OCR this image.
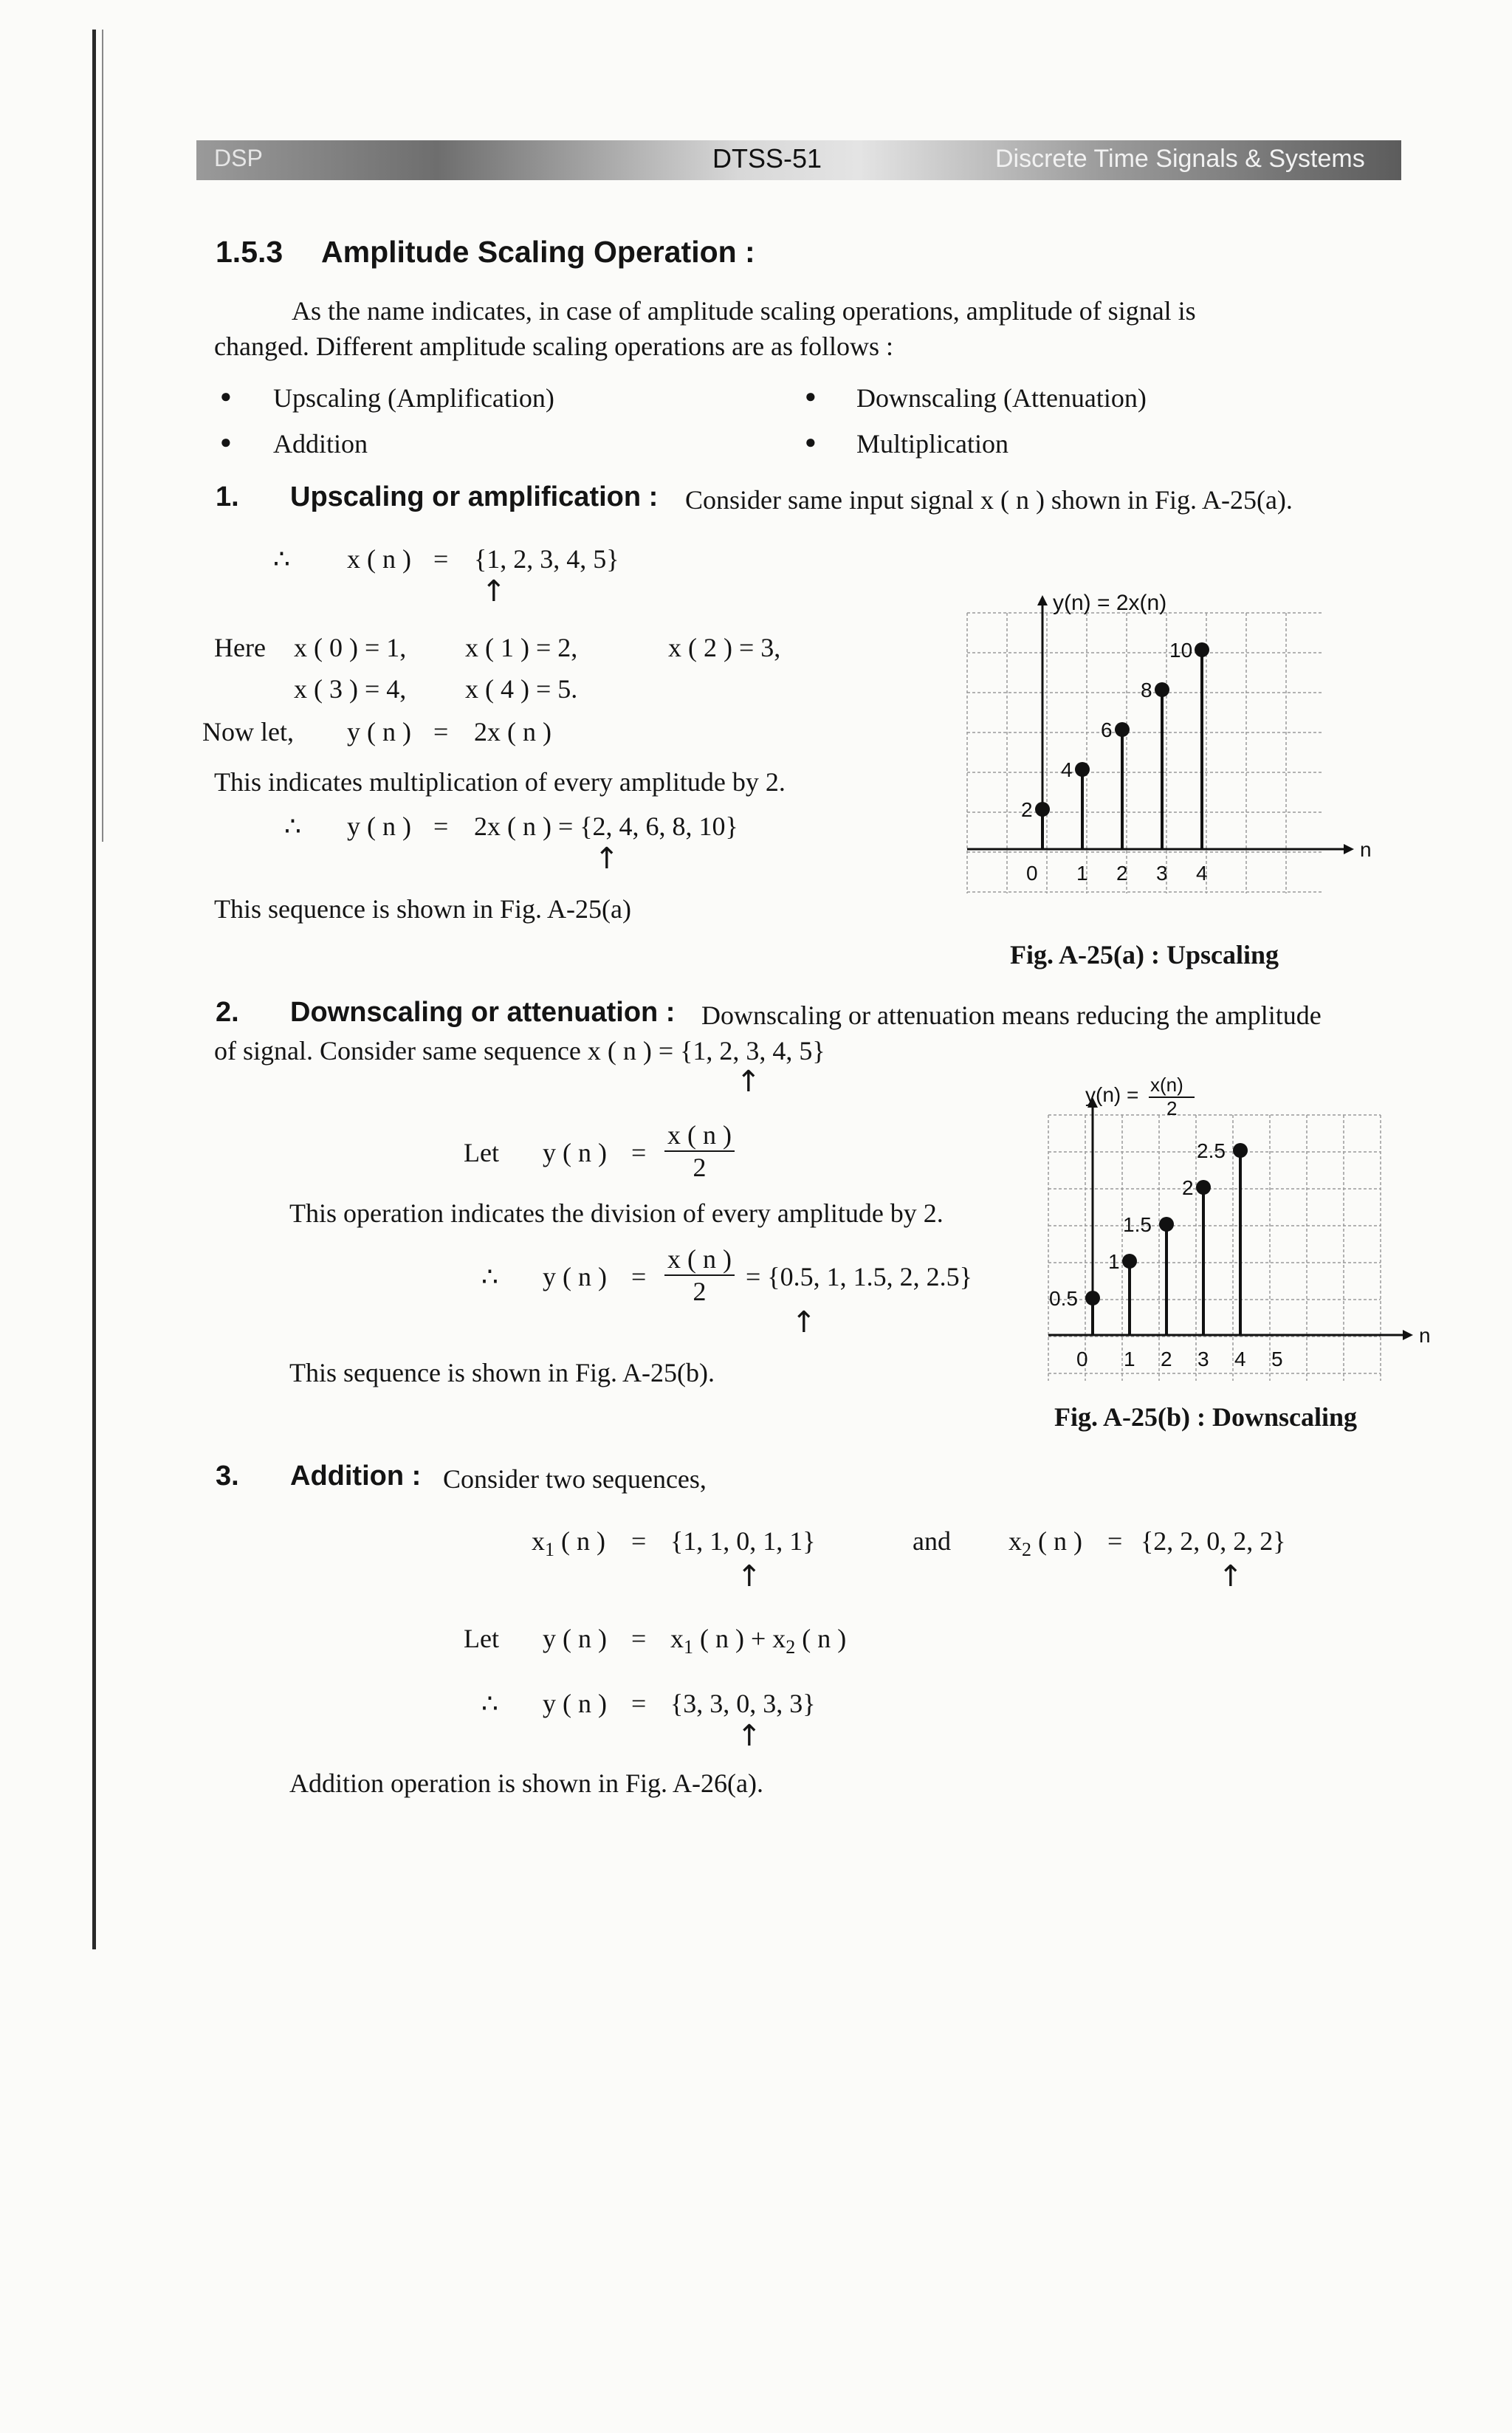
DSP	DTSS-51	Discrete Time Signals & Systems
1.5.3 Amplitude Scaling Operation :
As the name indicates, in case of amplitude scaling operations, amplitude of signal is
changed. Different amplitude scaling operations are as follows :
● Upscaling (Amplification)	● Downscaling (Attenuation)
● Addition	● Multiplication
1. Upscaling or amplification : Consider same input signal x ( n ) shown in Fig. A-25(a).
∴ x ( n ) = {1, 2, 3, 4, 5}
↑
Here x ( 0 ) = 1, x ( 1 ) = 2,	x ( 2 ) = 3,
x ( 3 ) = 4, x ( 4 ) = 5.
Now let, y ( n ) = 2x ( n )
This indicates multiplication of every amplitude by 2.
∴ y ( n ) = 2x ( n ) = {2, 4, 6, 8, 10}
↑
This sequence is shown in Fig. A-25(a)
n
0 1 2 3 4
2
4
6
8
10
y(n) = 2x(n)
Fig. A-25(a) : Upscaling
2. Downscaling or attenuation : Downscaling or attenuation means reducing the amplitude
of signal. Consider same sequence x ( n ) = {1, 2, 3, 4, 5}
↑
Let y ( n ) = $\frac{x ( n )}{2}$
This operation indicates the division of every amplitude by 2.
∴ y ( n ) = $\frac{x ( n )}{2} = \{0.5$, 1, 1.5, 2, 2.5}
↑
This sequence is shown in Fig. A-25(b).
n
0 1 2 3 4 5
0.5
1
1.5
2
2.5
y(n) = x(n)
2
Fig. A-25(b) : Downscaling
3. Addition : Consider two sequences,
$x_1$ ( n ) = {1, 1, 0, 1, 1}
↑
and $x_2$ ( n ) = {2, 2, 0, 2, 2}
↑
Let y ( n ) = $x_1$ ( n ) + $x_2$ ( n )
∴ y ( n ) = {3, 3, 0, 3, 3}
↑
Addition operation is shown in Fig. A-26(a).
